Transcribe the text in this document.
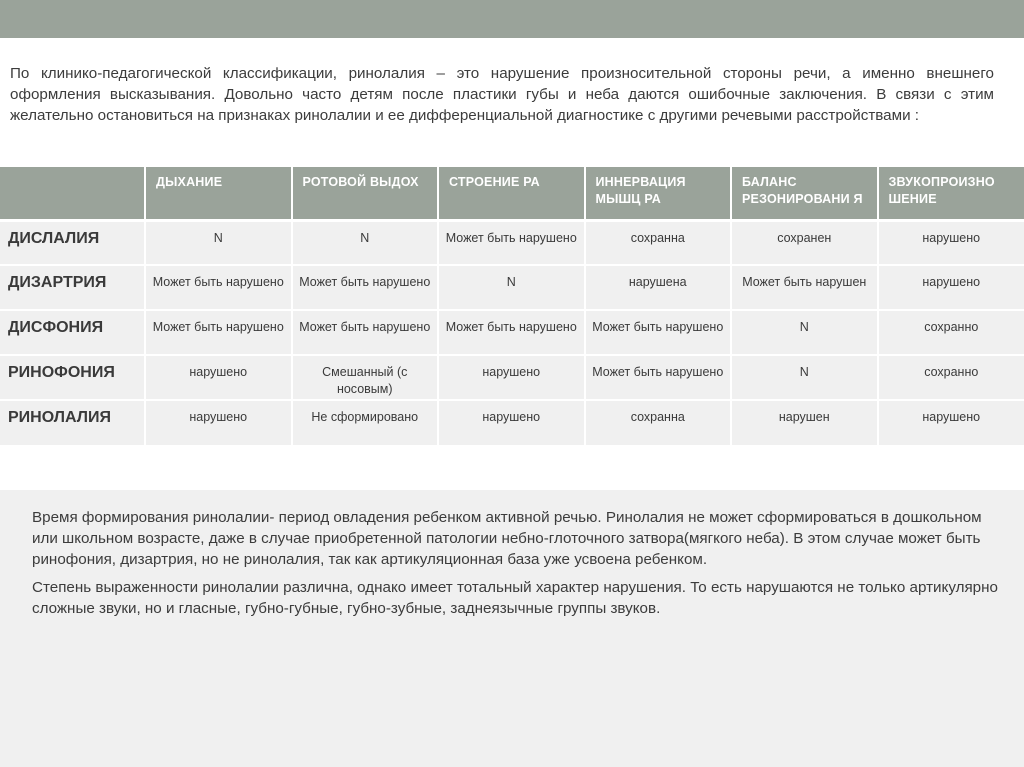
По клинико-педагогической классификации, ринолалия – это нарушение произносительной стороны речи, а именно внешнего оформления высказывания. Довольно часто детям после пластики губы и неба даются ошибочные заключения. В связи с этим желательно остановиться на признаках ринолалии и ее дифференциальной диагностике с другими речевыми расстройствами :

	ДЫХАНИЕ	РОТОВОЙ ВЫДОХ	СТРОЕНИЕ РА	ИННЕРВАЦИЯ МЫШЦ РА	БАЛАНС РЕЗОНИРОВАНИ Я	ЗВУКОПРОИЗНО ШЕНИЕ
ДИСЛАЛИЯ	N	N	Может быть нарушено	сохранна	сохранен	нарушено
ДИЗАРТРИЯ	Может быть нарушено	Может быть нарушено	N	нарушена	Может быть нарушен	нарушено
ДИСФОНИЯ	Может быть нарушено	Может быть нарушено	Может быть нарушено	Может быть нарушено	N	сохранно
РИНОФОНИЯ	нарушено	Смешанный (с носовым)	нарушено	Может быть нарушено	N	сохранно
РИНОЛАЛИЯ	нарушено	Не сформировано	нарушено	сохранна	нарушен	нарушено

Время формирования ринолалии- период овладения ребенком активной речью. Ринолалия не может сформироваться в дошкольном или школьном возрасте, даже в случае приобретенной патологии небно-глоточного затвора(мягкого неба). В этом случае может быть ринофония, дизартрия, но не ринолалия, так как артикуляционная база уже усвоена ребенком.

Степень выраженности ринолалии различна, однако имеет тотальный характер нарушения. То есть нарушаются не только артикулярно сложные звуки, но и гласные, губно-губные, губно-зубные, заднеязычные группы звуков.
